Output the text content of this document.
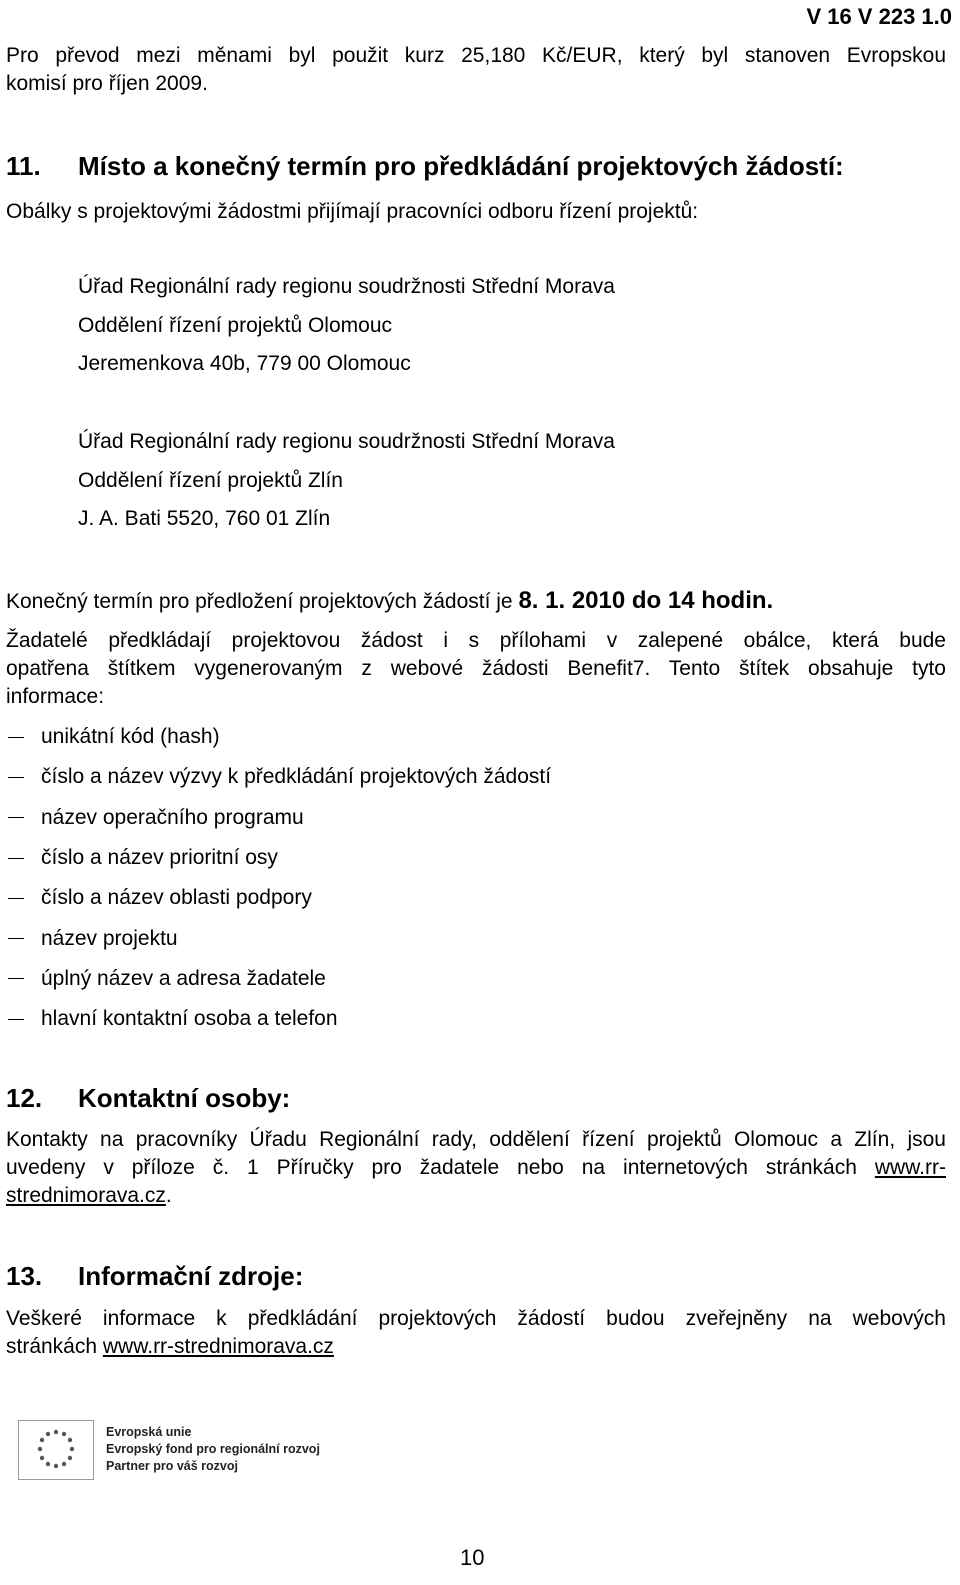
V 16 V 223 1.0
Pro převod mezi měnami byl použit kurz 25,180 Kč/EUR, který byl stanoven Evropskou
komisí pro říjen 2009.
11. Místo a konečný termín pro předkládání projektových žádostí:
Obálky s projektovými žádostmi přijímají pracovníci odboru řízení projektů:
Úřad Regionální rady regionu soudržnosti Střední Morava
Oddělení řízení projektů Olomouc
Jeremenkova 40b, 779 00 Olomouc
Úřad Regionální rady regionu soudržnosti Střední Morava
Oddělení řízení projektů Zlín
J. A. Bati 5520, 760 01 Zlín
Konečný termín pro předložení projektových žádostí je 8. 1. 2010 do 14 hodin.
Žadatelé předkládají projektovou žádost i s přílohami v zalepené obálce, která bude
opatřena štítkem vygenerovaným z webové žádosti Benefit7. Tento štítek obsahuje tyto
informace:
unikátní kód (hash)
číslo a název výzvy k předkládání projektových žádostí
název operačního programu
číslo a název prioritní osy
číslo a název oblasti podpory
název projektu
úplný název a adresa žadatele
hlavní kontaktní osoba a telefon
12. Kontaktní osoby:
Kontakty na pracovníky Úřadu Regionální rady, oddělení řízení projektů Olomouc a Zlín, jsou
uvedeny v příloze č. 1 Příručky pro žadatele nebo na internetových stránkách www.rr-
strednimorava.cz.
13. Informační zdroje:
Veškeré informace k předkládání projektových žádostí budou zveřejněny na webových
stránkách www.rr-strednimorava.cz
Evropská unie
Evropský fond pro regionální rozvoj
Partner pro váš rozvoj
10
